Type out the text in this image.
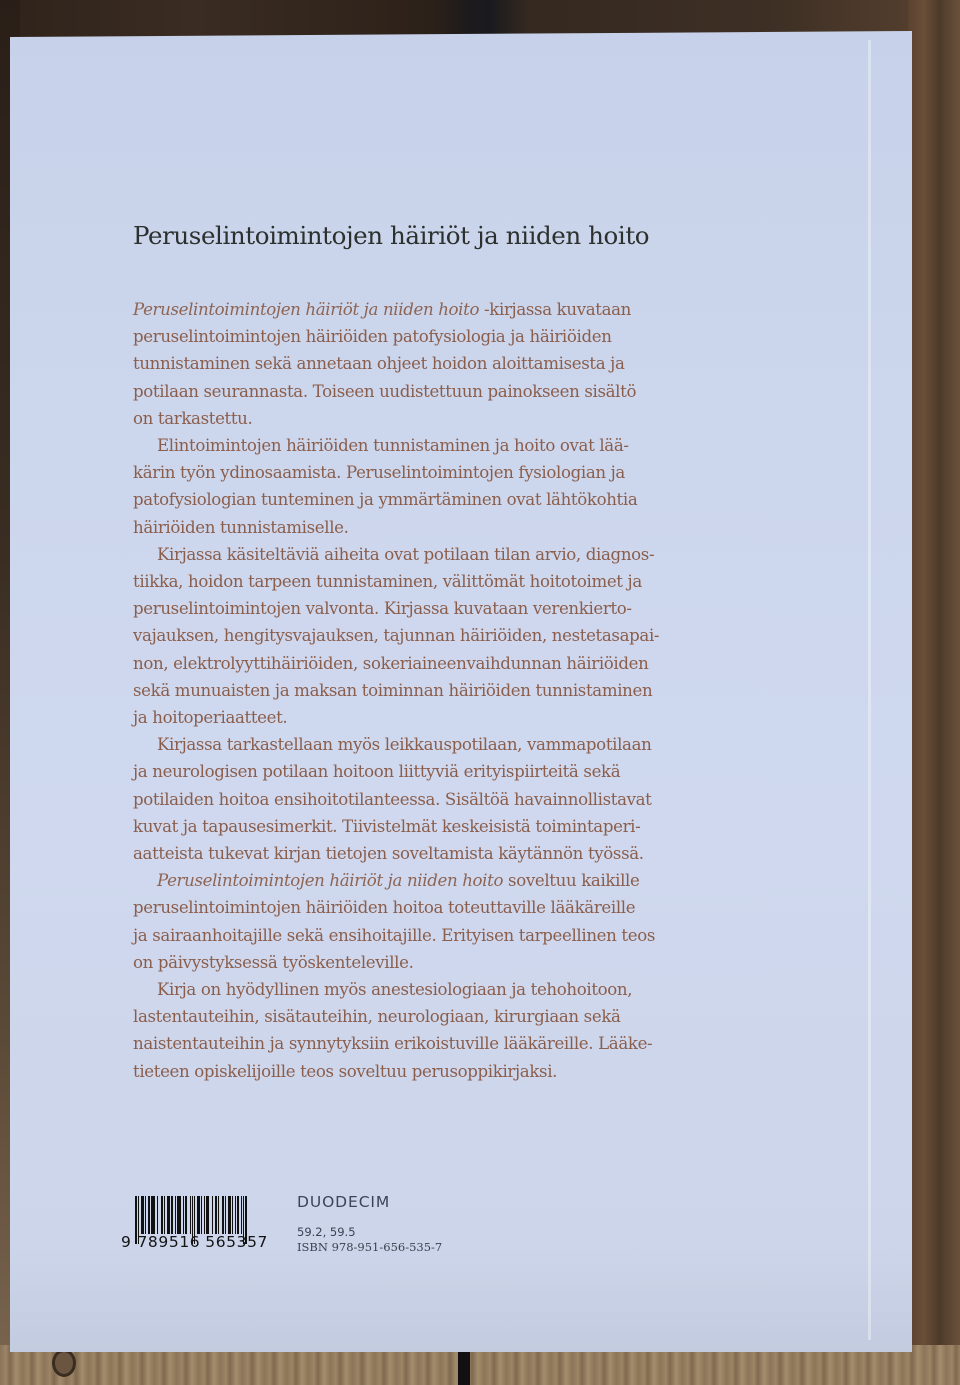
Peruselintoimintojen häiriöt ja niiden hoito
Peruselintoimintojen häiriöt ja niiden hoito -kirjassa kuvataan
peruselintoimintojen häiriöiden patofysiologia ja häiriöiden
tunnistaminen sekä annetaan ohjeet hoidon aloittamisesta ja
potilaan seurannasta. Toiseen uudistettuun painokseen sisältö
on tarkastettu.
Elintoimintojen häiriöiden tunnistaminen ja hoito ovat lää-
kärin työn ydinosaamista. Peruselintoimintojen fysiologian ja
patofysiologian tunteminen ja ymmärtäminen ovat lähtökohtia
häiriöiden tunnistamiselle.
Kirjassa käsiteltäviä aiheita ovat potilaan tilan arvio, diagnos-
tiikka, hoidon tarpeen tunnistaminen, välittömät hoitotoimet ja
peruselintoimintojen valvonta. Kirjassa kuvataan verenkierto-
vajauksen, hengitysvajauksen, tajunnan häiriöiden, nestetasapai-
non, elektrolyyttihäiriöiden, sokeriaineenvaihdunnan häiriöiden
sekä munuaisten ja maksan toiminnan häiriöiden tunnistaminen
ja hoitoperiaatteet.
Kirjassa tarkastellaan myös leikkauspotilaan, vammapotilaan
ja neurologisen potilaan hoitoon liittyviä erityispiirteitä sekä
potilaiden hoitoa ensihoitotilanteessa. Sisältöä havainnollistavat
kuvat ja tapausesimerkit. Tiivistelmät keskeisistä toimintaperi-
aatteista tukevat kirjan tietojen soveltamista käytännön työssä.
Peruselintoimintojen häiriöt ja niiden hoito soveltuu kaikille
peruselintoimintojen häiriöiden hoitoa toteuttaville lääkäreille
ja sairaanhoitajille sekä ensihoitajille. Erityisen tarpeellinen teos
on päivystyksessä työskenteleville.
Kirja on hyödyllinen myös anestesiologiaan ja tehohoitoon,
lastentauteihin, sisätauteihin, neurologiaan, kirurgiaan sekä
naistentauteihin ja synnytyksiin erikoistuville lääkäreille. Lääke-
tieteen opiskelijoille teos soveltuu perusoppikirjaksi.
9 789516 565357
DUODECIM
59.2, 59.5
ISBN 978-951-656-535-7
